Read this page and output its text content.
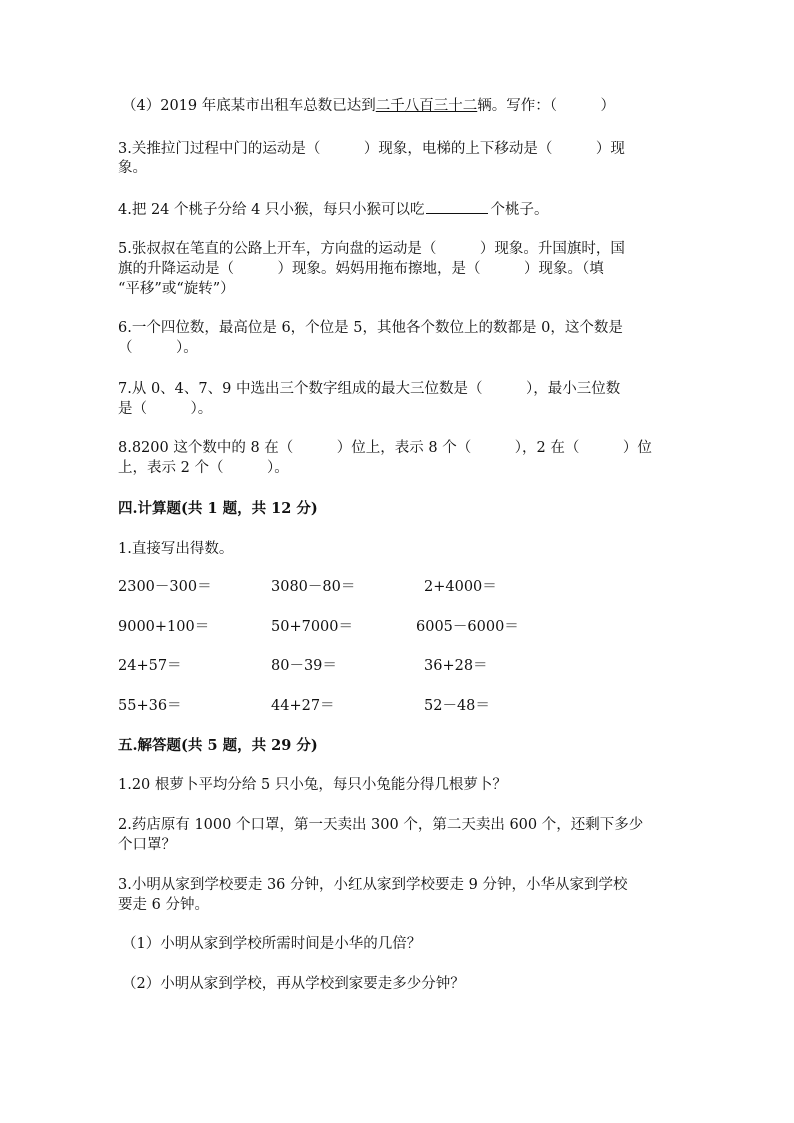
（4）2019 年底某市出租车总数已达到二千八百三十二辆。写作：（　　　）
3.关推拉门过程中门的运动是（　　　）现象，电梯的上下移动是（　　　）现
象。
4.把 24 个桃子分给 4 只小猴，每只小猴可以吃	个桃子。
5.张叔叔在笔直的公路上开车，方向盘的运动是（　　　）现象。升国旗时，国
旗的升降运动是（　　　）现象。妈妈用拖布擦地，是（　　　）现象。（填
“平移”或“旋转”）
6.一个四位数，最高位是 6，个位是 5，其他各个数位上的数都是 0，这个数是
（　　　）。
7.从 0、4、7、9 中选出三个数字组成的最大三位数是（　　　），最小三位数
是（　　　）。
8.8200 这个数中的 8 在（　　　）位上，表示 8 个（　　　），2 在（　　　）位
上，表示 2 个（　　　）。
四.计算题(共 1 题，共 12 分)
1.直接写出得数。
2300－300＝	3080－80＝	2+4000＝
9000+100＝	50+7000＝	6005－6000＝
24+57＝	80－39＝	36+28＝
55+36＝	44+27＝	52－48＝
五.解答题(共 5 题，共 29 分)
1.20 根萝卜平均分给 5 只小兔，每只小兔能分得几根萝卜？
2.药店原有 1000 个口罩，第一天卖出 300 个，第二天卖出 600 个，还剩下多少
个口罩？
3.小明从家到学校要走 36 分钟，小红从家到学校要走 9 分钟，小华从家到学校
要走 6 分钟。
（1）小明从家到学校所需时间是小华的几倍？
（2）小明从家到学校，再从学校到家要走多少分钟？
